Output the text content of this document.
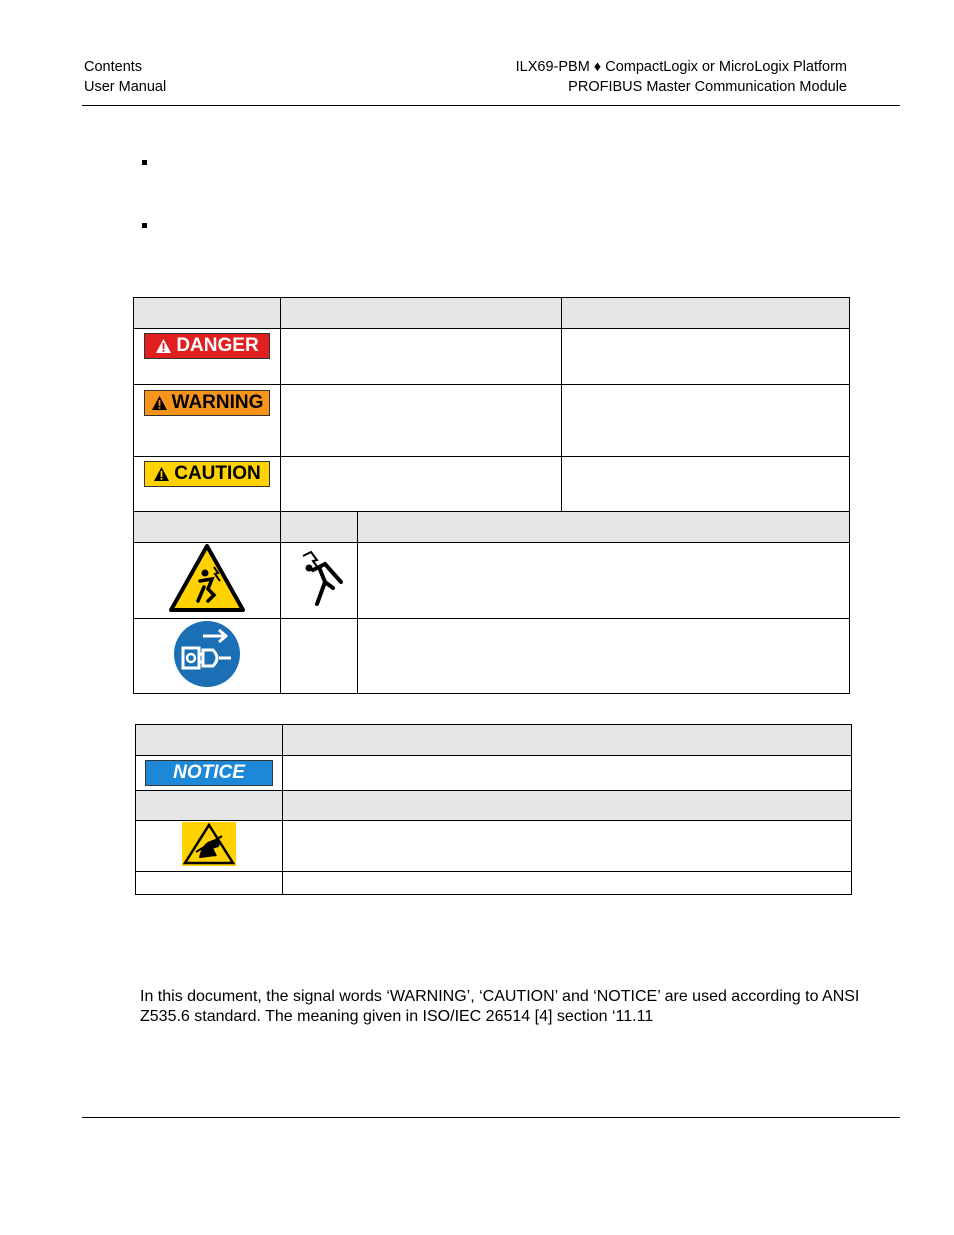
Contents
User Manual
ILX69-PBM ♦ CompactLogix or MicroLogix Platform
PROFIBUS Master Communication Module

DANGER			

WARNING			

CAUTION			

NOTICE	

In this document, the signal words ‘WARNING’, ‘CAUTION’ and ‘NOTICE’ are used according to ANSI Z535.6 standard. The meaning given in ISO/IEC 26514 [4] section ‘11.11
